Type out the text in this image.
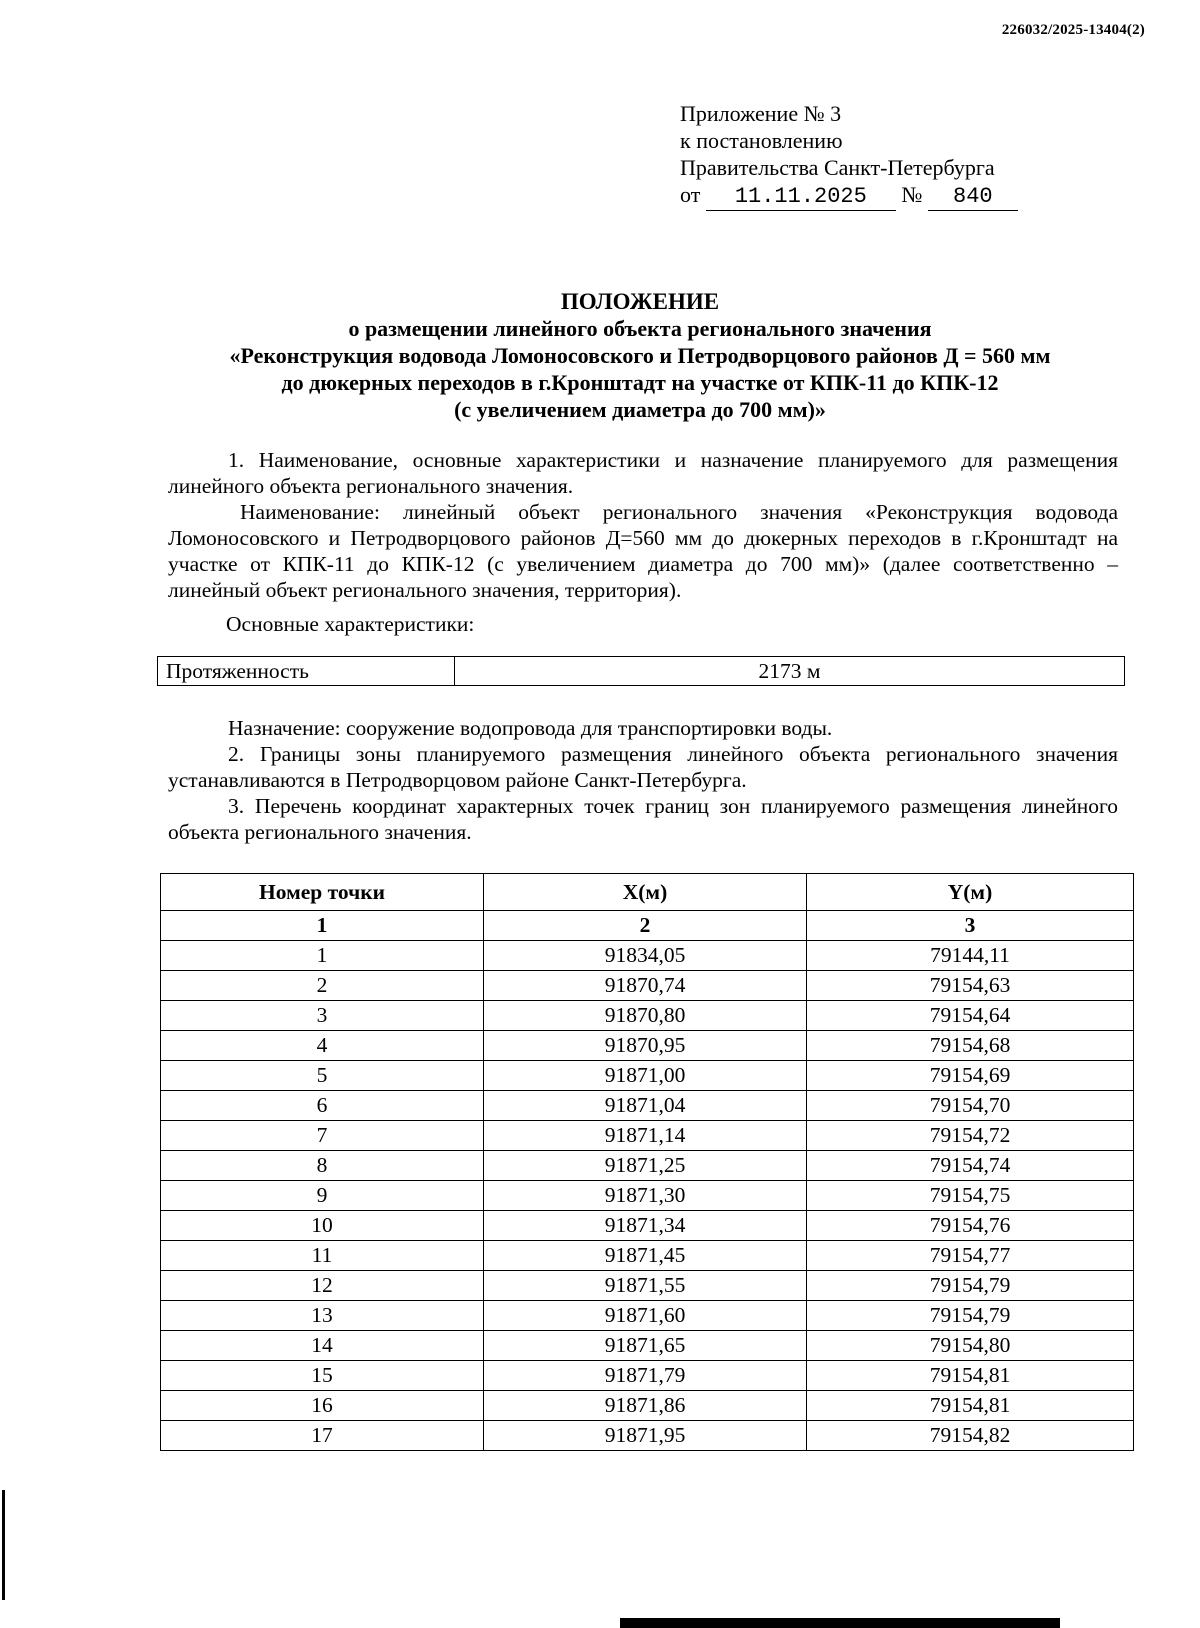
226032/2025-13404(2)
Приложение № 3
к постановлению
Правительства Санкт-Петербурга
от 11.11.2025 № 840
ПОЛОЖЕНИЕ
о размещении линейного объекта регионального значения
«Реконструкция водовода Ломоносовского и Петродворцового районов Д = 560 мм
до дюкерных переходов в г.Кронштадт на участке от КПК-11 до КПК-12
(с увеличением диаметра до 700 мм)»
1. Наименование, основные характеристики и назначение планируемого для размещения линейного объекта регионального значения.
Наименование: линейный объект регионального значения «Реконструкция водовода Ломоносовского и Петродворцового районов Д=560 мм до дюкерных переходов в г.Кронштадт на участке от КПК-11 до КПК-12 (с увеличением диаметра до 700 мм)» (далее соответственно – линейный объект регионального значения, территория).
Основные характеристики:
Протяженность	2173 м
Назначение: сооружение водопровода для транспортировки воды.
2. Границы зоны планируемого размещения линейного объекта регионального значения устанавливаются в Петродворцовом районе Санкт-Петербурга.
3. Перечень координат характерных точек границ зон планируемого размещения линейного объекта регионального значения.
Номер точки	X(м)	Y(м)
1	2	3
1	91834,05	79144,11
2	91870,74	79154,63
3	91870,80	79154,64
4	91870,95	79154,68
5	91871,00	79154,69
6	91871,04	79154,70
7	91871,14	79154,72
8	91871,25	79154,74
9	91871,30	79154,75
10	91871,34	79154,76
11	91871,45	79154,77
12	91871,55	79154,79
13	91871,60	79154,79
14	91871,65	79154,80
15	91871,79	79154,81
16	91871,86	79154,81
17	91871,95	79154,82
